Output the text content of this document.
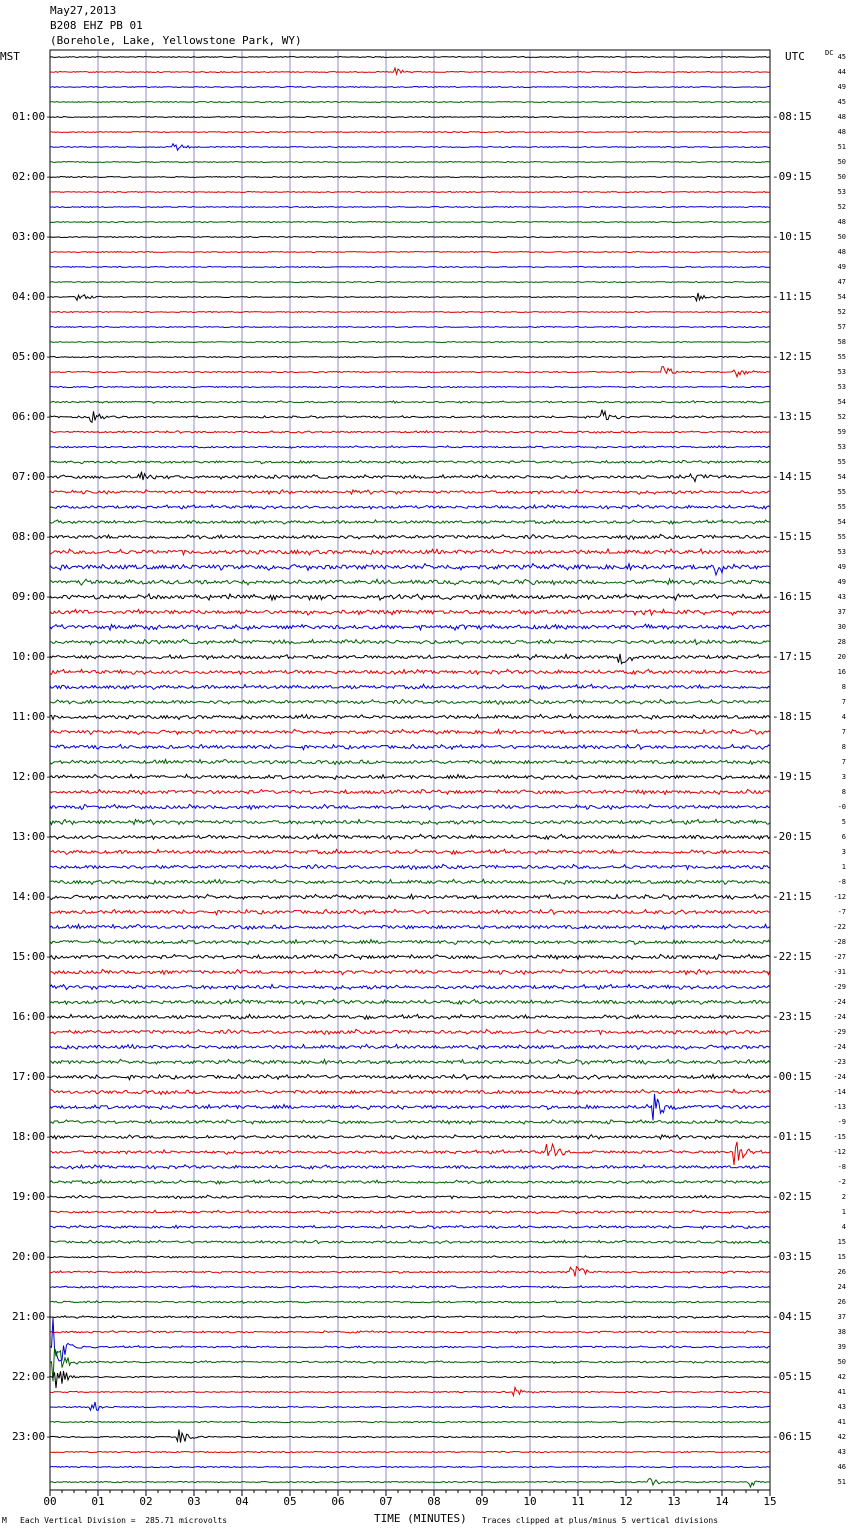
May27,2013
B208 EHZ PB 01
(Borehole, Lake, Yellowstone Park, WY)
MST	UTC	DC
00	01	02	03	04	05	06	07	08	09	10	11	12	13	14	15
01:00-	-08:15
02:00-	-09:15
03:00-	-10:15
04:00-	-11:15
05:00-	-12:15
06:00-	-13:15
07:00-	-14:15
08:00-	-15:15
09:00-	-16:15
10:00-	-17:15
11:00-	-18:15
12:00-	-19:15
13:00-	-20:15
14:00-	-21:15
15:00-	-22:15
16:00-	-23:15
17:00-	-00:15
18:00-	-01:15
19:00-	-02:15
20:00-	-03:15
21:00-	-04:15
22:00-	-05:15
23:00-	-06:15
45
44
49
45
48
48
51
50
50
53
52
48
50
48
49
47
54
52
57
58
55
53
53
54
52
59
53
55
54
55
55
54
55
53
49
49
43
37
30
28
20
16
8
7
4
7
8
7
3
8
-0
5
6
3
1
-8
-12
-7
-22
-28
-27
-31
-29
-24
-24
-29
-24
-23
-24
-14
-13
-9
-15
-12
-8
-2
2
1
4
15
15
26
24
26
37
38
39
50
42
41
43
41
42
43
46
51
M Each Vertical Division =  285.71 microvolts	TIME (MINUTES) Traces clipped at plus/minus 5 vertical divisions
